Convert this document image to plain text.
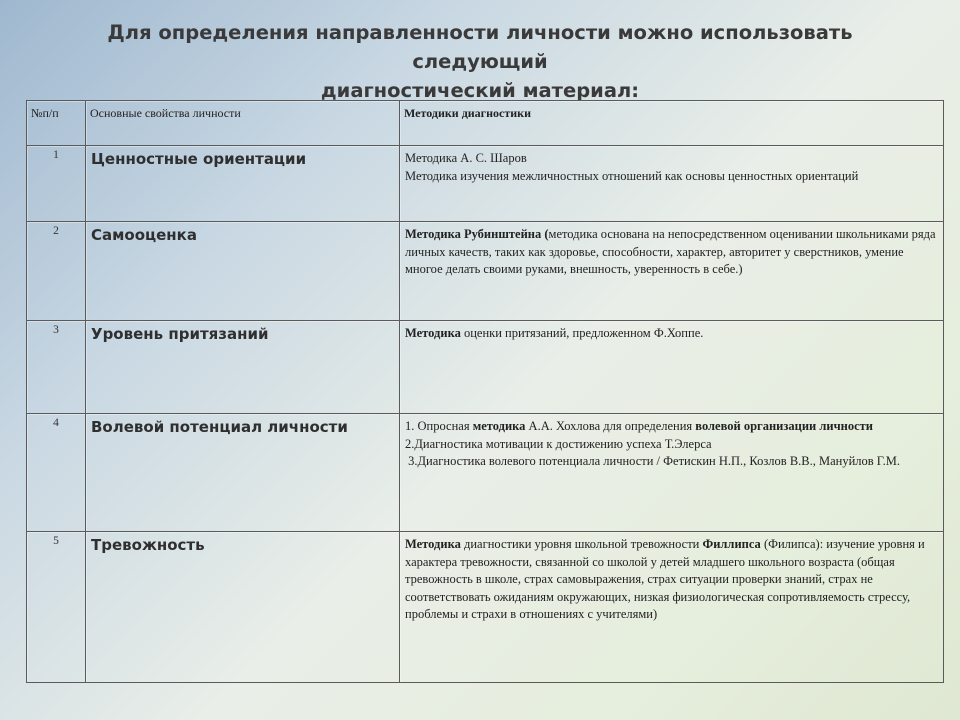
Для определения направленности личности можно использовать следующий
диагностический материал:
№п/п	Основные свойства личности	Методики диагностики
1	Ценностные ориентации	Методика А. С. Шаров
Методика изучения межличностных отношений как основы ценностных ориентаций

2	Самооценка	Методика Рубинштейна (методика основана на непосредственном оценивании школьниками ряда личных качеств, таких как здоровье, способности, характер, авторитет у сверстников, умение многое делать своими руками, внешность, уверенность в себе.)
3	Уровень притязаний	Методика оценки притязаний, предложенном Ф.Хоппе.
4	Волевой потенциал личности	1. Опросная методика А.А. Хохлова для определения волевой организации личности
2.Диагностика мотивации к достижению успеха Т.Элерса
3.Диагностика волевого потенциала личности / Фетискин Н.П., Козлов В.В., Мануйлов Г.М.

5	Тревожность	Методика диагностики уровня школьной тревожности Филлипса (Филипса): изучение уровня и характера тревожности, связанной со школой у детей младшего школьного возраста (общая тревожность в школе, страх самовыражения, страх ситуации проверки знаний, страх не соответствовать ожиданиям окружающих, низкая физиологическая сопротивляемость стрессу, проблемы и страхи в отношениях с учителями)
